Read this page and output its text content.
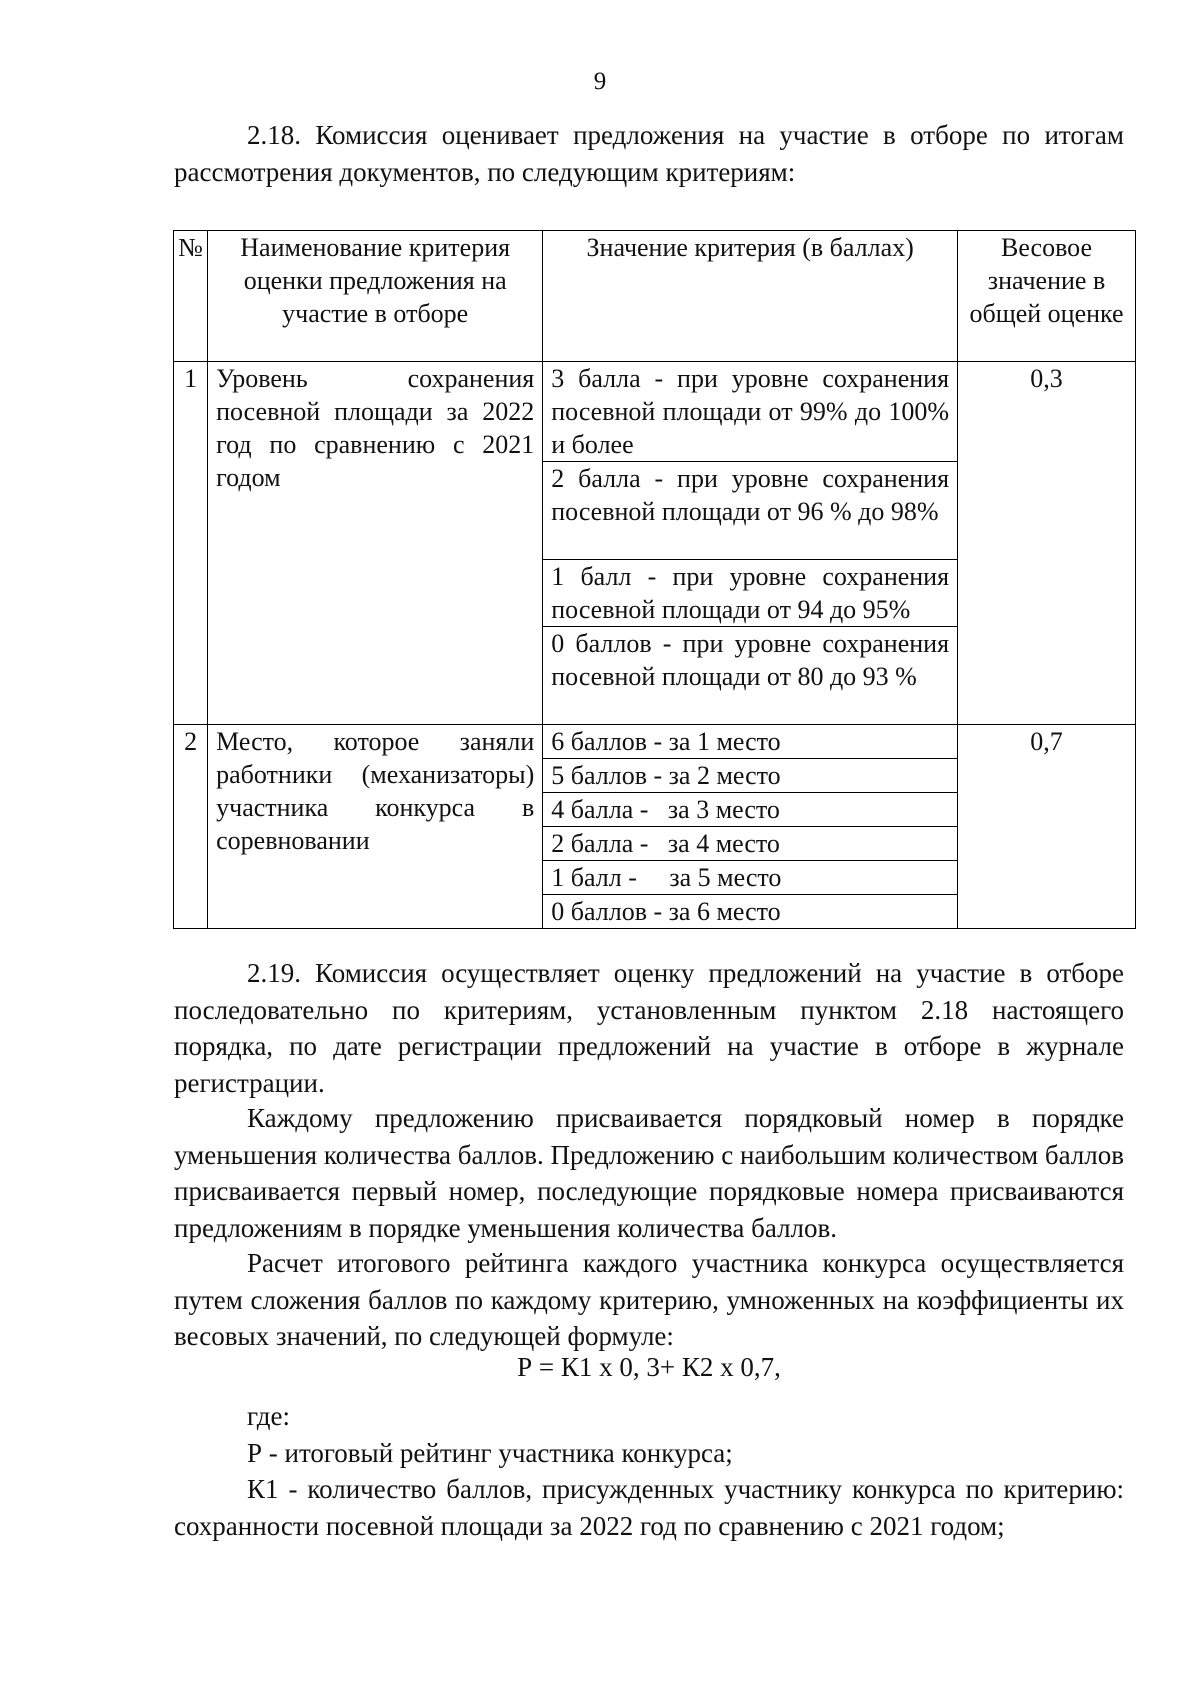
9

2.18. Комиссия оценивает предложения на участие в отборе по итогам рассмотрения документов, по следующим критериям:

№	Наименование критерия оценки предложения на участие в отборе	Значение критерия (в баллах)	Весовое значение в общей оценке
1	Уровень сохранения посевной площади за 2022 год по сравнению с 2021 годом	3 балла - при уровне сохранения посевной площади от 99% до 100% и более	0,3
		2 балла - при уровне сохранения посевной площади от 96 % до 98%	
		1 балл - при уровне сохранения посевной площади от 94 до 95%	
		0 баллов - при уровне сохранения посевной площади от 80 до 93 %	
2	Место, которое заняли работники (механизаторы) участника конкурса в соревновании	6 баллов - за 1 место	0,7
		5 баллов - за 2 место	
		4 балла -   за 3 место	
		2 балла -   за 4 место	
		1 балл -     за 5 место	
		0 баллов - за 6 место	

2.19. Комиссия осуществляет оценку предложений на участие в отборе последовательно по критериям, установленным пунктом 2.18 настоящего порядка, по дате регистрации предложений на участие в отборе в журнале регистрации.

Каждому предложению присваивается порядковый номер в порядке уменьшения количества баллов. Предложению с наибольшим количеством баллов присваивается первый номер, последующие порядковые номера присваиваются предложениям в порядке уменьшения количества баллов.

Расчет итогового рейтинга каждого участника конкурса осуществляется путем сложения баллов по каждому критерию, умноженных на коэффициенты их весовых значений, по следующей формуле:

Р = К1 х 0, 3+ К2 х 0,7,

где:

Р - итоговый рейтинг участника конкурса;

К1 - количество баллов, присужденных участнику конкурса по критерию: сохранности посевной площади за 2022 год по сравнению с 2021 годом;
